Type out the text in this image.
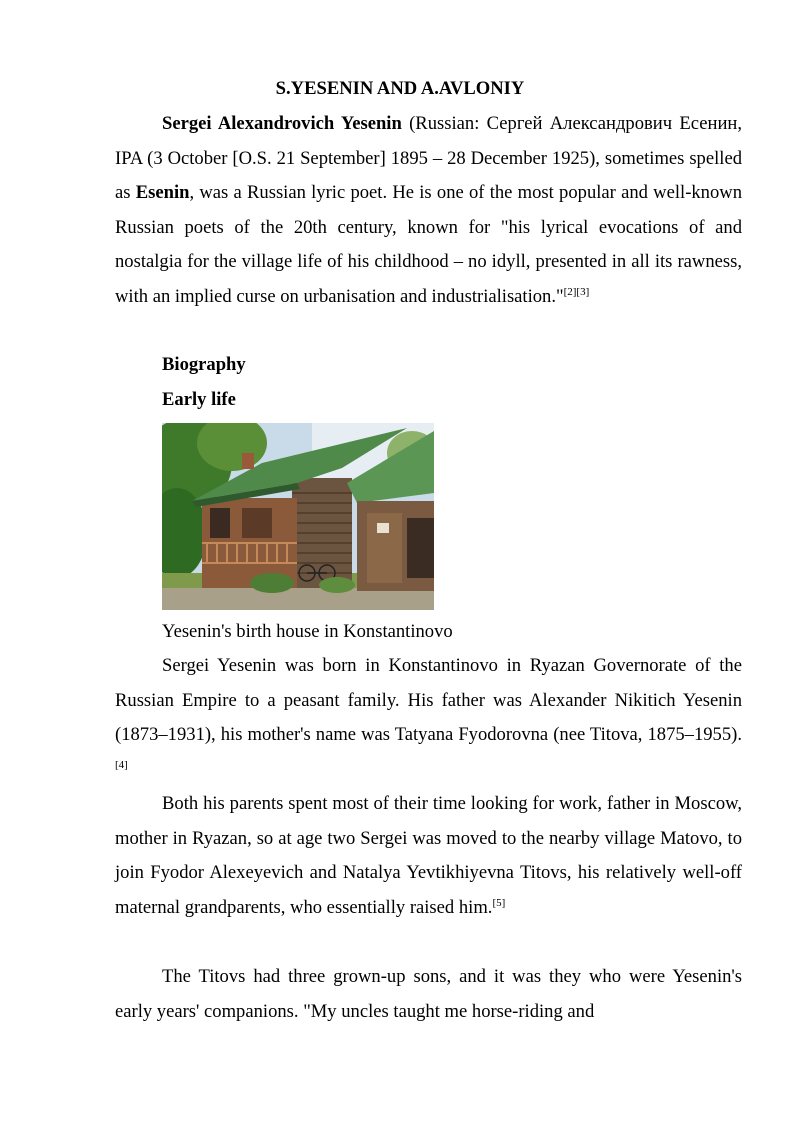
S.YESENIN AND A.AVLONIY

Sergei Alexandrovich Yesenin (Russian: Сергей Александрович Есенин, IPA (3 October [O.S. 21 September] 1895 – 28 December 1925), sometimes spelled as Esenin, was a Russian lyric poet. He is one of the most popular and well-known Russian poets of the 20th century, known for "his lyrical evocations of and nostalgia for the village life of his childhood – no idyll, presented in all its rawness, with an implied curse on urbanisation and industrialisation."[2][3]

Biography
Early life
Yesenin's birth house in Konstantinovo

Sergei Yesenin was born in Konstantinovo in Ryazan Governorate of the Russian Empire to a peasant family. His father was Alexander Nikitich Yesenin (1873–1931), his mother's name was Tatyana Fyodorovna (nee Titova, 1875–1955).[4]

Both his parents spent most of their time looking for work, father in Moscow, mother in Ryazan, so at age two Sergei was moved to the nearby village Matovo, to join Fyodor Alexeyevich and Natalya Yevtikhiyevna Titovs, his relatively well-off maternal grandparents, who essentially raised him.[5]

The Titovs had three grown-up sons, and it was they who were Yesenin's early years' companions. "My uncles taught me horse-riding and
